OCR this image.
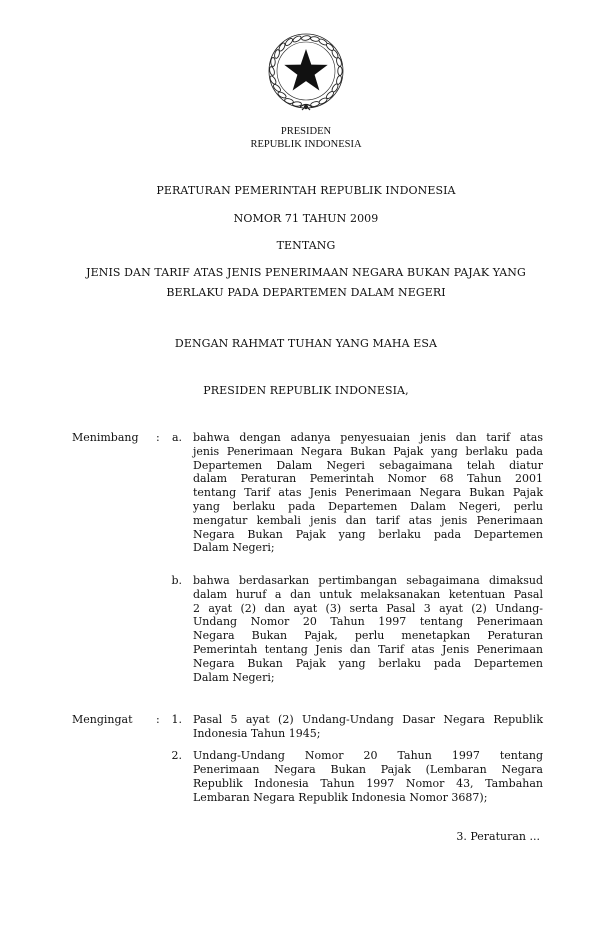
PRESIDEN
REPUBLIK INDONESIA
PERATURAN PEMERINTAH REPUBLIK INDONESIA
NOMOR 71 TAHUN 2009
TENTANG
JENIS DAN TARIF ATAS JENIS PENERIMAAN NEGARA BUKAN PAJAK YANG
BERLAKU PADA DEPARTEMEN DALAM NEGERI
DENGAN RAHMAT TUHAN YANG MAHA ESA
PRESIDEN REPUBLIK INDONESIA,
Menimbang :	a. bahwa dengan adanya penyesuaian jenis dan tarif atas
jenis Penerimaan Negara Bukan Pajak yang berlaku pada
Departemen Dalam Negeri sebagaimana telah diatur
dalam Peraturan Pemerintah Nomor 68 Tahun 2001
tentang Tarif atas Jenis Penerimaan Negara Bukan Pajak
yang berlaku pada Departemen Dalam Negeri, perlu
mengatur kembali jenis dan tarif atas jenis Penerimaan
Negara Bukan Pajak yang berlaku pada Departemen
Dalam Negeri;
b. bahwa berdasarkan pertimbangan sebagaimana dimaksud
dalam huruf a dan untuk melaksanakan ketentuan Pasal
2 ayat (2) dan ayat (3) serta Pasal 3 ayat (2) Undang-
Undang Nomor 20 Tahun 1997 tentang Penerimaan
Negara Bukan Pajak, perlu menetapkan Peraturan
Pemerintah tentang Jenis dan Tarif atas Jenis Penerimaan
Negara Bukan Pajak yang berlaku pada Departemen
Dalam Negeri;
Mengingat :	1. Pasal 5 ayat (2) Undang-Undang Dasar Negara Republik
Indonesia Tahun 1945;
2. Undang-Undang Nomor 20 Tahun 1997 tentang
Penerimaan Negara Bukan Pajak (Lembaran Negara
Republik Indonesia Tahun 1997 Nomor 43, Tambahan
Lembaran Negara Republik Indonesia Nomor 3687);
3. Peraturan ...
